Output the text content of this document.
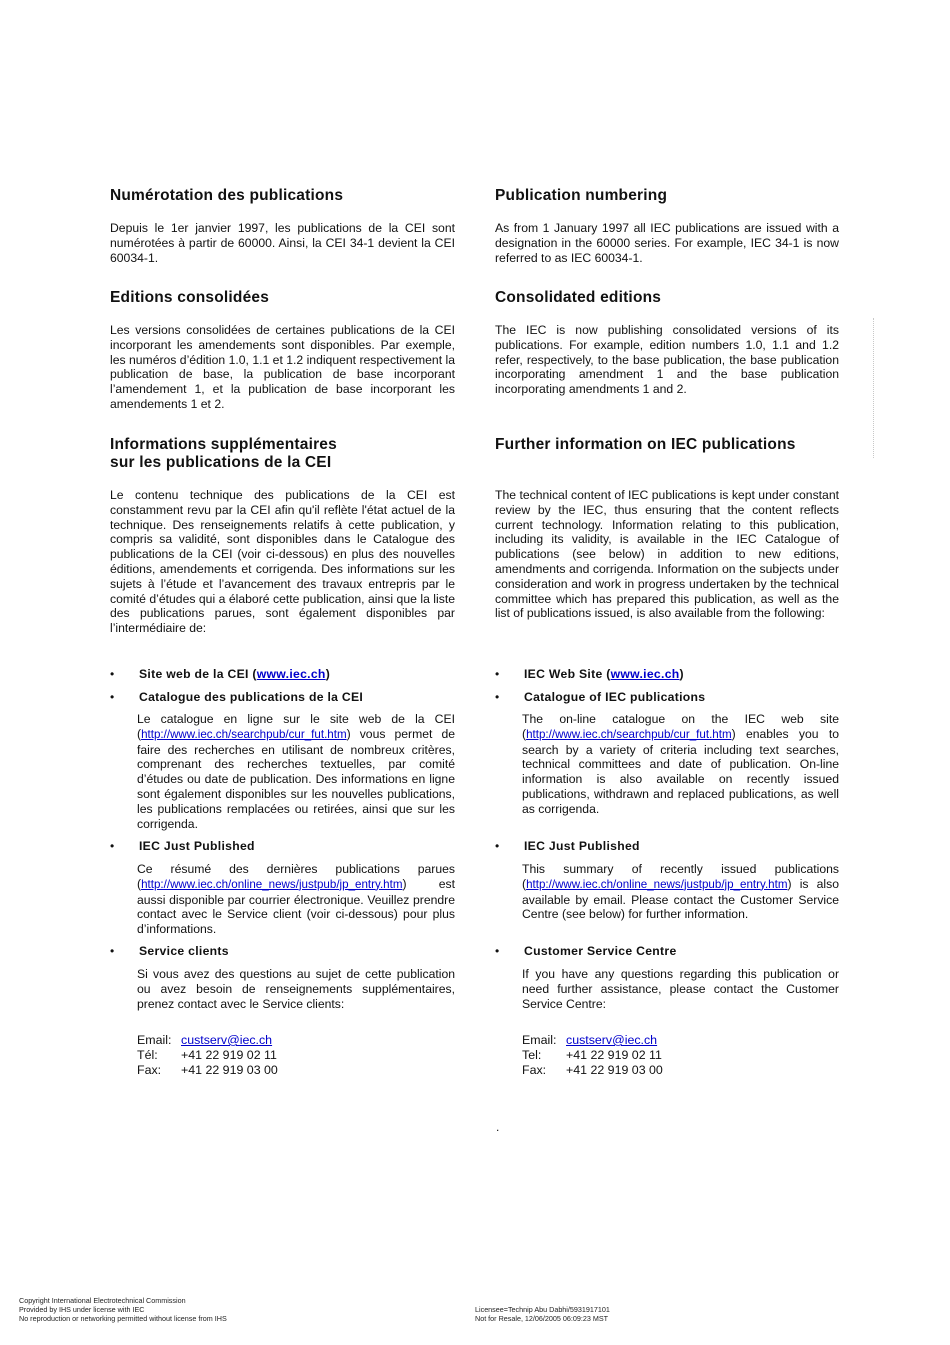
Numérotation des publications

Depuis le 1er janvier 1997, les publications de la CEI sont numérotées à partir de 60000. Ainsi, la CEI 34-1 devient la CEI 60034-1.

Editions consolidées

Les versions consolidées de certaines publications de la CEI incorporant les amendements sont disponibles. Par exemple, les numéros d’édition 1.0, 1.1 et 1.2 indiquent respectivement la publication de base, la publication de base incorporant l’amendement 1, et la publication de base incorporant les amendements 1 et 2.

Informations supplémentaires
sur les publications de la CEI

Le contenu technique des publications de la CEI est constamment revu par la CEI afin qu'il reflète l'état actuel de la technique. Des renseignements relatifs à cette publication, y compris sa validité, sont disponibles dans le Catalogue des publications de la CEI (voir ci-dessous) en plus des nouvelles éditions, amendements et corrigenda. Des informations sur les sujets à l’étude et l’avancement des travaux entrepris par le comité d’études qui a élaboré cette publication, ainsi que la liste des publications parues, sont également disponibles par l’intermédiaire de:

• Site web de la CEI (www.iec.ch)
• Catalogue des publications de la CEI

Le catalogue en ligne sur le site web de la CEI (http://www.iec.ch/searchpub/cur_fut.htm) vous permet de faire des recherches en utilisant de nombreux critères, comprenant des recherches textuelles, par comité d’études ou date de publication. Des informations en ligne sont également disponibles sur les nouvelles publications, les publications remplacées ou retirées, ainsi que sur les corrigenda.

• IEC Just Published

Ce résumé des dernières publications parues (http://www.iec.ch/online_news/justpub/jp_entry.htm) est aussi disponible par courrier électronique. Veuillez prendre contact avec le Service client (voir ci-dessous) pour plus d’informations.

• Service clients

Si vous avez des questions au sujet de cette publication ou avez besoin de renseignements supplémentaires, prenez contact avec le Service clients:

Email: custserv@iec.ch
Tél: +41 22 919 02 11
Fax: +41 22 919 03 00
Publication numbering

As from 1 January 1997 all IEC publications are issued with a designation in the 60000 series. For example, IEC 34-1 is now referred to as IEC 60034-1.

Consolidated editions

The IEC is now publishing consolidated versions of its publications. For example, edition numbers 1.0, 1.1 and 1.2 refer, respectively, to the base publication, the base publication incorporating amendment 1 and the base publication incorporating amendments 1 and 2.

Further information on IEC publications

The technical content of IEC publications is kept under constant review by the IEC, thus ensuring that the content reflects current technology. Information relating to this publication, including its validity, is available in the IEC Catalogue of publications (see below) in addition to new editions, amendments and corrigenda. Information on the subjects under consideration and work in progress undertaken by the technical committee which has prepared this publication, as well as the list of publications issued, is also available from the following:

• IEC Web Site (www.iec.ch)
• Catalogue of IEC publications

The on-line catalogue on the IEC web site (http://www.iec.ch/searchpub/cur_fut.htm) enables you to search by a variety of criteria including text searches, technical committees and date of publication. On-line information is also available on recently issued publications, withdrawn and replaced publications, as well as corrigenda.

• IEC Just Published

This summary of recently issued publications (http://www.iec.ch/online_news/justpub/jp_entry.htm) is also available by email. Please contact the Customer Service Centre (see below) for further information.

• Customer Service Centre

If you have any questions regarding this publication or need further assistance, please contact the Customer Service Centre:

Email: custserv@iec.ch
Tel: +41 22 919 02 11
Fax: +41 22 919 03 00
.
Copyright International Electrotechnical Commission
Provided by IHS under license with IEC
No reproduction or networking permitted without license from IHS
Licensee=Technip Abu Dabhi/5931917101
Not for Resale, 12/06/2005 06:09:23 MST
